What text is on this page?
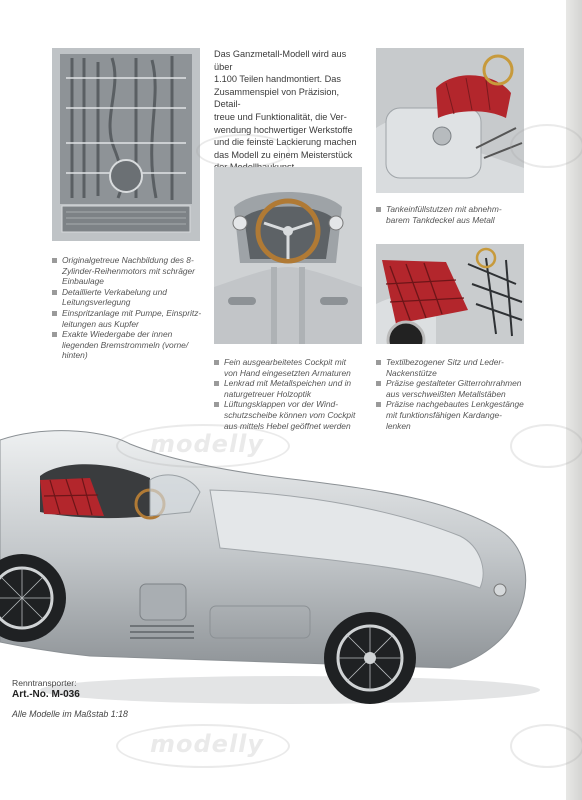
Das Ganzmetall-Modell wird aus über

1.100 Teilen handmontiert. Das

Zusammenspiel von Präzision, Detail-

treue und Funktionalität, die Ver-

wendung hochwertiger Werkstoffe

und die feinste Lackierung machen

das Modell zu einem Meisterstück

Tankeinfüllstutzen mit abnehm-
barem Tankdeckel aus Metall
Originalgetreue Nachbildung des 8-
Zylinder-Reihenmotors mit schräger
Einbaulage
Detaillierte Verkabelung und
Leitungsverlegung
Einspritzanlage mit Pumpe, Einspritz-
leitungen aus Kupfer
Exakte Wiedergabe der innen
liegenden Bremstrommeln (vorne/
hinten)
Fein ausgearbeitetes Cockpit mit
von Hand eingesetzten Armaturen
Lenkrad mit Metallspeichen und in
naturgetreuer Holzoptik
Lüftungsklappen vor der Wind-
schutzscheibe können vom Cockpit
aus mittels Hebel geöffnet werden
Textilbezogener Sitz und Leder-
Nackenstütze
Präzise gestalteter Gitterrohrrahmen
aus verschweißten Metallstäben
Präzise nachgebautes Lenkgestänge
mit funktionsfähigen Kardange-
lenken
modelly
modelly
Renntransporter:
Art.-No. M-036
Alle Modelle im Maßstab 1:18
